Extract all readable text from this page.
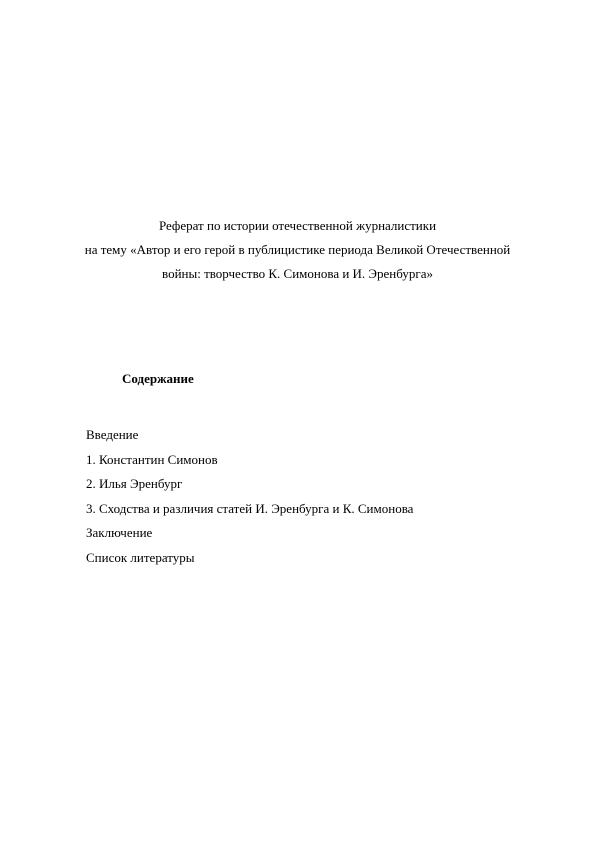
Реферат по истории отечественной журналистики
на тему «Автор и его герой в публицистике периода Великой Отечественной
войны: творчество К. Симонова и И. Эренбурга»
Содержание
Введение
1. Константин Симонов
2. Илья Эренбург
3. Сходства и различия статей И. Эренбурга и К. Симонова
Заключение
Список литературы
